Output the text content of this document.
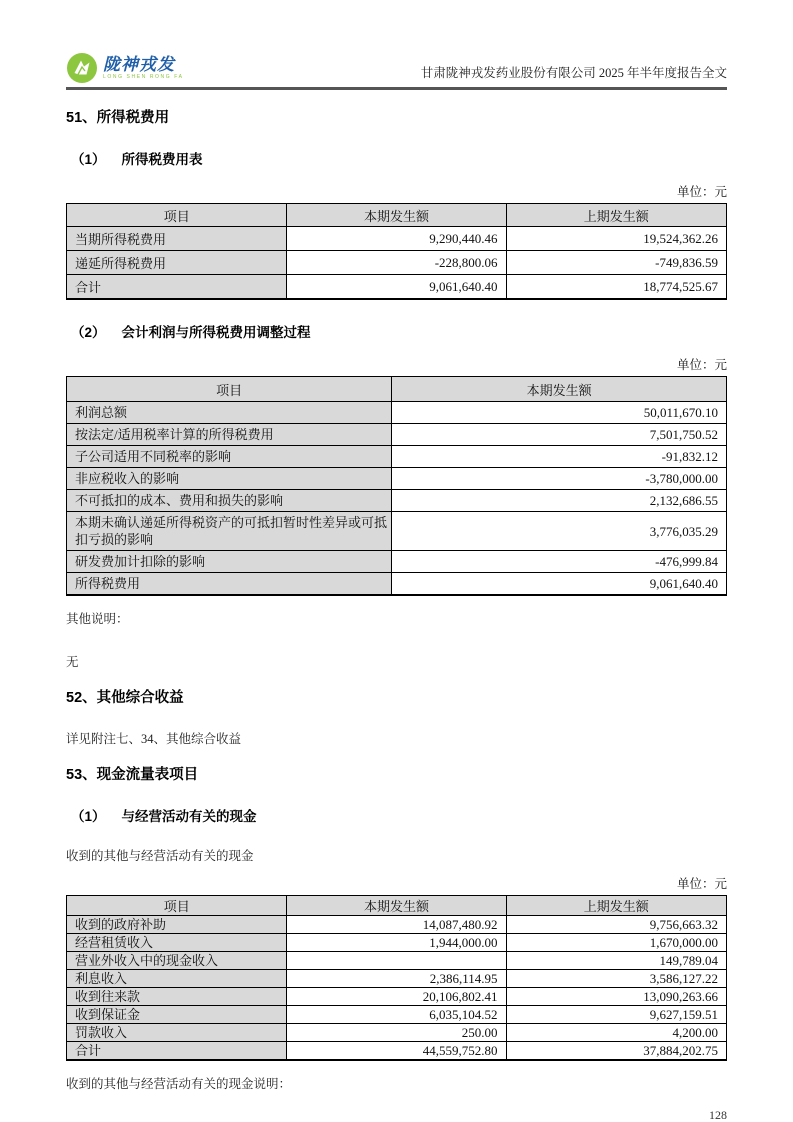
陇神戎发
LONG SHEN RONG FA	甘肃陇神戎发药业股份有限公司 2025 年半年度报告全文
51、所得税费用
（1） 所得税费用表
单位：元
项目	本期发生额	上期发生额
当期所得税费用	9,290,440.46	19,524,362.26
递延所得税费用	-228,800.06	-749,836.59
合计	9,061,640.40	18,774,525.67
（2） 会计利润与所得税费用调整过程
单位：元
项目	本期发生额
利润总额	50,011,670.10
按法定/适用税率计算的所得税费用	7,501,750.52
子公司适用不同税率的影响	-91,832.12
非应税收入的影响	-3,780,000.00
不可抵扣的成本、费用和损失的影响	2,132,686.55
本期未确认递延所得税资产的可抵扣暂时性差异或可抵扣亏损的影响	3,776,035.29
研发费加计扣除的影响	-476,999.84
所得税费用	9,061,640.40
其他说明：
无
52、其他综合收益
详见附注七、34、其他综合收益
53、现金流量表项目
（1） 与经营活动有关的现金
收到的其他与经营活动有关的现金
单位：元
项目	本期发生额	上期发生额
收到的政府补助	14,087,480.92	9,756,663.32
经营租赁收入	1,944,000.00	1,670,000.00
营业外收入中的现金收入		149,789.04
利息收入	2,386,114.95	3,586,127.22
收到往来款	20,106,802.41	13,090,263.66
收到保证金	6,035,104.52	9,627,159.51
罚款收入	250.00	4,200.00
合计	44,559,752.80	37,884,202.75
收到的其他与经营活动有关的现金说明：
128
